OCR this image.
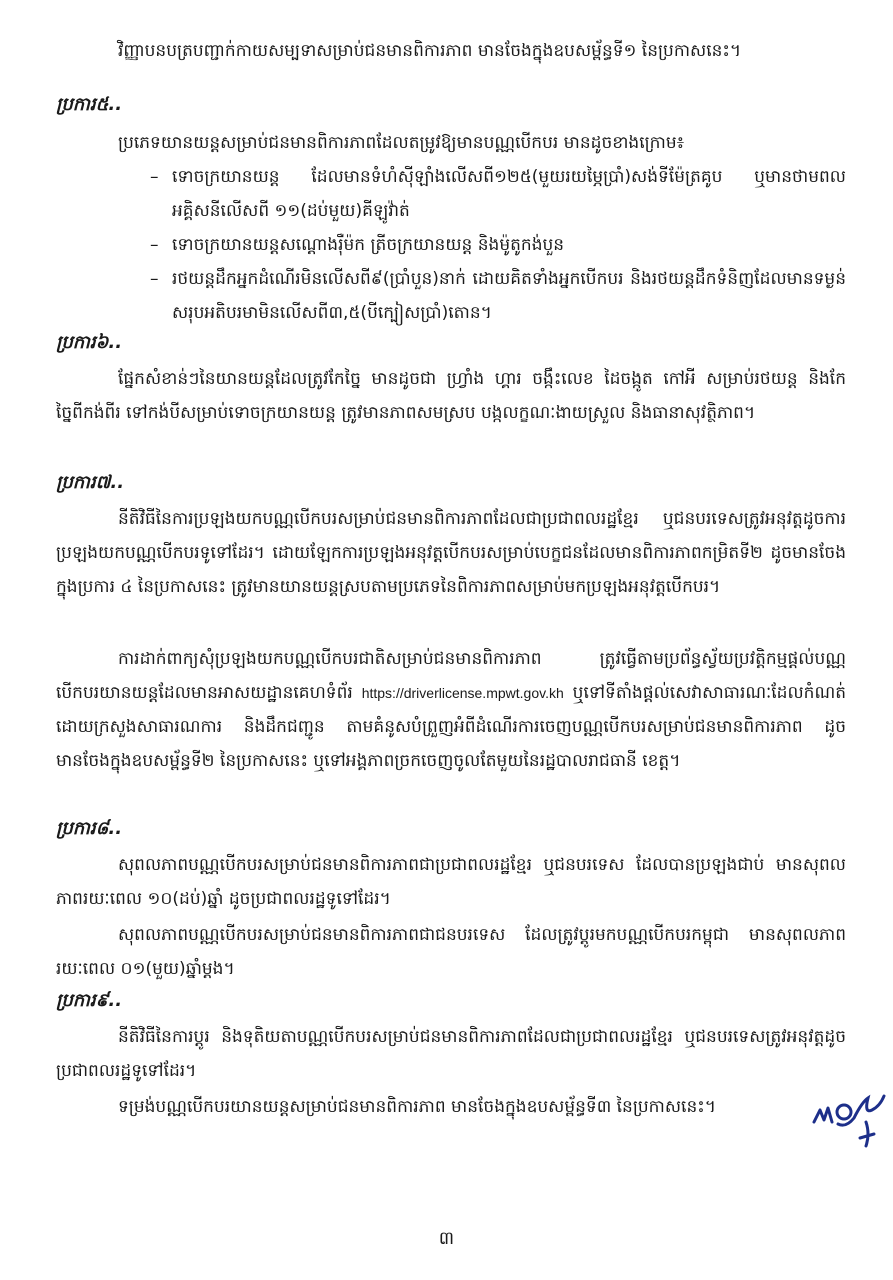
វិញ្ញាបនបត្របញ្ជាក់កាយសម្បទាសម្រាប់ជនមានពិការភាព មានចែងក្នុងឧបសម្ព័ន្ធទី១ នៃប្រកាសនេះ។

ប្រការ៥..

ប្រភេទយានយន្តសម្រាប់ជនមានពិការភាពដែលតម្រូវឱ្យមានបណ្ណបើកបរ មានដូចខាងក្រោម៖

– ទោចក្រយានយន្ត ដែលមានទំហំស៊ីឡាំងលើសពី១២៥(មួយរយម្ភៃប្រាំ)សង់ទីម៉ែត្រគូប ឬមានថាមពលអគ្គិសនីលើសពី ១១(ដប់មួយ)គីឡូវ៉ាត់
– ទោចក្រយានយន្តសណ្តោងរ៉ឺម៉ក ត្រីចក្រយានយន្ត និងម៉ូតូកង់បួន
– រថយន្តដឹកអ្នកដំណើរមិនលើសពី៩(ប្រាំបួន)នាក់ ដោយគិតទាំងអ្នកបើកបរ និងរថយន្តដឹកទំនិញដែលមានទម្ងន់សរុបអតិបរមាមិនលើសពី៣,៥(បីក្បៀសប្រាំ)តោន។

ប្រការ៦..

ផ្នែកសំខាន់ៗនៃយានយន្តដែលត្រូវកែច្នៃ មានដូចជា ហ្វ្រាំង ហ្គារ ចង្កឹះលេខ ដៃចង្កូត កៅអី សម្រាប់រថយន្ត និងកែច្នៃពីកង់ពីរ ទៅកង់បីសម្រាប់ទោចក្រយានយន្ត ត្រូវមានភាពសមស្រប បង្កលក្ខណៈងាយស្រួល និងធានាសុវត្ថិភាព។

ប្រការ៧..

នីតិវិធីនៃការប្រឡងយកបណ្ណបើកបរសម្រាប់ជនមានពិការភាពដែលជាប្រជាពលរដ្ឋខ្មែរ ឬជនបរទេសត្រូវអនុវត្តដូចការប្រឡងយកបណ្ណបើកបរទូទៅដែរ។ ដោយឡែកការប្រឡងអនុវត្តបើកបរសម្រាប់បេក្ខជនដែលមានពិការភាពកម្រិតទី២ ដូចមានចែងក្នុងប្រការ ៤ នៃប្រកាសនេះ ត្រូវមានយានយន្តស្របតាមប្រភេទនៃពិការភាពសម្រាប់មកប្រឡងអនុវត្តបើកបរ។

ការដាក់ពាក្យសុំប្រឡងយកបណ្ណបើកបរជាតិសម្រាប់ជនមានពិការភាព ត្រូវធ្វើតាមប្រព័ន្ធស្វ័យប្រវត្តិកម្មផ្តល់បណ្ណបើកបរយានយន្តដែលមានអាសយដ្ឋានគេហទំព័រ https://driverlicense.mpwt.gov.kh ឬទៅទីតាំងផ្តល់សេវាសាធារណៈដែលកំណត់ដោយក្រសួងសាធារណការ និងដឹកជញ្ជូន តាមគំនូសបំព្រួញអំពីដំណើរការចេញបណ្ណបើកបរសម្រាប់ជនមានពិការភាព ដូចមានចែងក្នុងឧបសម្ព័ន្ធទី២ នៃប្រកាសនេះ ឬទៅអង្គភាពច្រកចេញចូលតែមួយនៃរដ្ឋបាលរាជធានី ខេត្ត។

ប្រការ៨..

សុពលភាពបណ្ណបើកបរសម្រាប់ជនមានពិការភាពជាប្រជាពលរដ្ឋខ្មែរ ឬជនបរទេស ដែលបានប្រឡងជាប់ មានសុពលភាពរយៈពេល ១០(ដប់)ឆ្នាំ ដូចប្រជាពលរដ្ឋទូទៅដែរ។

សុពលភាពបណ្ណបើកបរសម្រាប់ជនមានពិការភាពជាជនបរទេស ដែលត្រូវប្តូរមកបណ្ណបើកបរកម្ពុជា មានសុពលភាព រយៈពេល ០១(មួយ)ឆ្នាំម្តង។

ប្រការ៩..

នីតិវិធីនៃការប្តូរ និងទុតិយតាបណ្ណបើកបរសម្រាប់ជនមានពិការភាពដែលជាប្រជាពលរដ្ឋខ្មែរ ឬជនបរទេសត្រូវអនុវត្តដូចប្រជាពលរដ្ឋទូទៅដែរ។

ទម្រង់បណ្ណបើកបរយានយន្តសម្រាប់ជនមានពិការភាព មានចែងក្នុងឧបសម្ព័ន្ធទី៣ នៃប្រកាសនេះ។

៣
